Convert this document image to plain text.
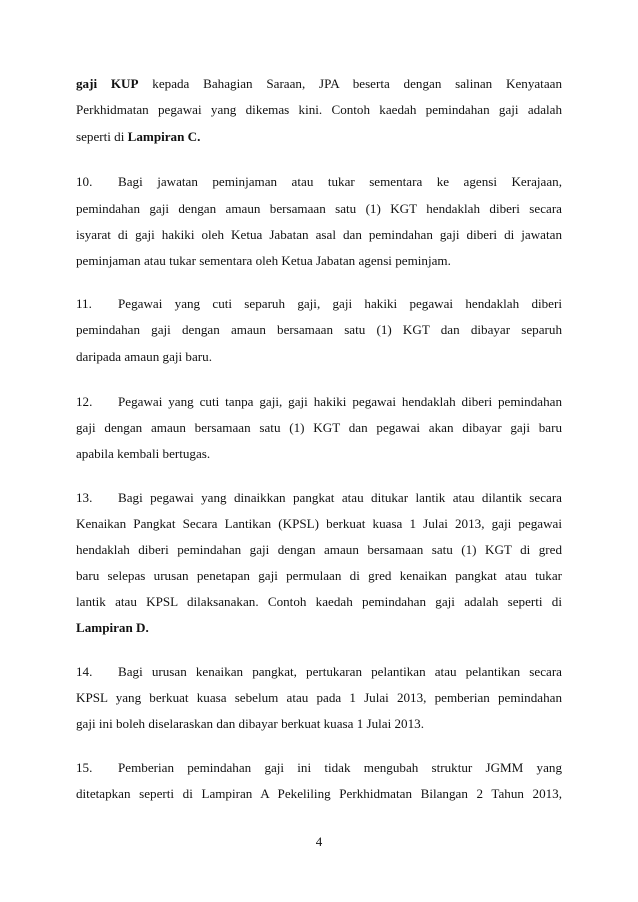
gaji KUP kepada Bahagian Saraan, JPA beserta dengan salinan Kenyataan
Perkhidmatan pegawai yang dikemas kini. Contoh kaedah pemindahan gaji adalah
seperti di Lampiran C.
10. Bagi jawatan peminjaman atau tukar sementara ke agensi Kerajaan,
pemindahan gaji dengan amaun bersamaan satu (1) KGT hendaklah diberi secara
isyarat di gaji hakiki oleh Ketua Jabatan asal dan pemindahan gaji diberi di jawatan
peminjaman atau tukar sementara oleh Ketua Jabatan agensi peminjam.
11. Pegawai yang cuti separuh gaji, gaji hakiki pegawai hendaklah diberi
pemindahan gaji dengan amaun bersamaan satu (1) KGT dan dibayar separuh
daripada amaun gaji baru.
12. Pegawai yang cuti tanpa gaji, gaji hakiki pegawai hendaklah diberi pemindahan
gaji dengan amaun bersamaan satu (1) KGT dan pegawai akan dibayar gaji baru
apabila kembali bertugas.
13. Bagi pegawai yang dinaikkan pangkat atau ditukar lantik atau dilantik secara
Kenaikan Pangkat Secara Lantikan (KPSL) berkuat kuasa 1 Julai 2013, gaji pegawai
hendaklah diberi pemindahan gaji dengan amaun bersamaan satu (1) KGT di gred
baru selepas urusan penetapan gaji permulaan di gred kenaikan pangkat atau tukar
lantik atau KPSL dilaksanakan. Contoh kaedah pemindahan gaji adalah seperti di
Lampiran D.
14. Bagi urusan kenaikan pangkat, pertukaran pelantikan atau pelantikan secara
KPSL yang berkuat kuasa sebelum atau pada 1 Julai 2013, pemberian pemindahan
gaji ini boleh diselaraskan dan dibayar berkuat kuasa 1 Julai 2013.
15. Pemberian pemindahan gaji ini tidak mengubah struktur JGMM yang
ditetapkan seperti di Lampiran A Pekeliling Perkhidmatan Bilangan 2 Tahun 2013,
4
